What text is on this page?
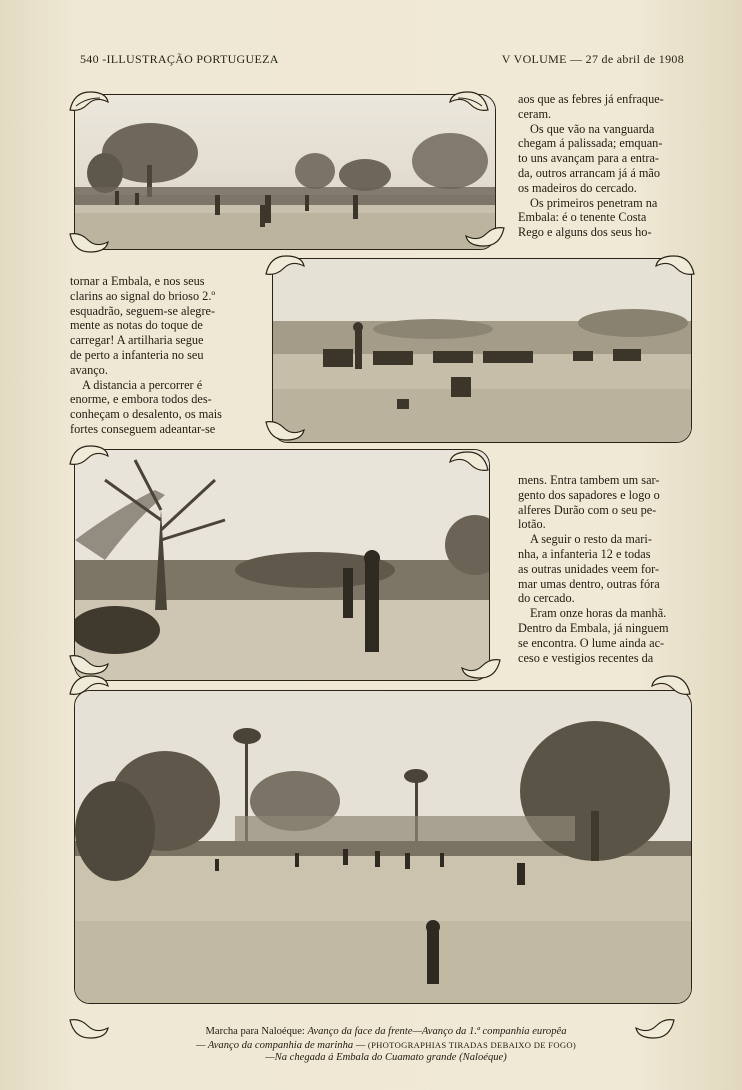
540 -ILLUSTRAÇÃO PORTUGUEZA	V VOLUME — 27 de abril de 1908

aos que as febres já enfraque-

ceram.

Os que vão na vanguarda

chegam á palissada; emquan-

to uns avançam para a entra-

da, outros arrancam já á mão

os madeiros do cercado.

Os primeiros penetram na

Embala: é o tenente Costa

Rego e alguns dos seus ho-

tornar a Embala, e nos seus

clarins ao signal do brioso 2.º

esquadrão, seguem-se alegre-

mente as notas do toque de

carregar! A artilharia segue

de perto a infanteria no seu

avanço.

A distancia a percorrer é

enorme, e embora todos des-

conheçam o desalento, os mais

fortes conseguem adeantar-se

mens. Entra tambem um sar-

gento dos sapadores e logo o

alferes Durão com o seu pe-

lotão.

A seguir o resto da mari-

nha, a infanteria 12 e todas

as outras unidades veem for-

mar umas dentro, outras fóra

do cercado.

Eram onze horas da manhã.

Dentro da Embala, já ninguem

se encontra. O lume ainda ac-

ceso e vestigios recentes da

Marcha para Naloéque: Avanço da face da frente—Avanço da 1.ª companhia europêa
— Avanço da companhia de marinha — (PHOTOGRAPHIAS TIRADAS DEBAIXO DE FOGO)
—Na chegada á Embala do Cuamato grande (Naloéque)
